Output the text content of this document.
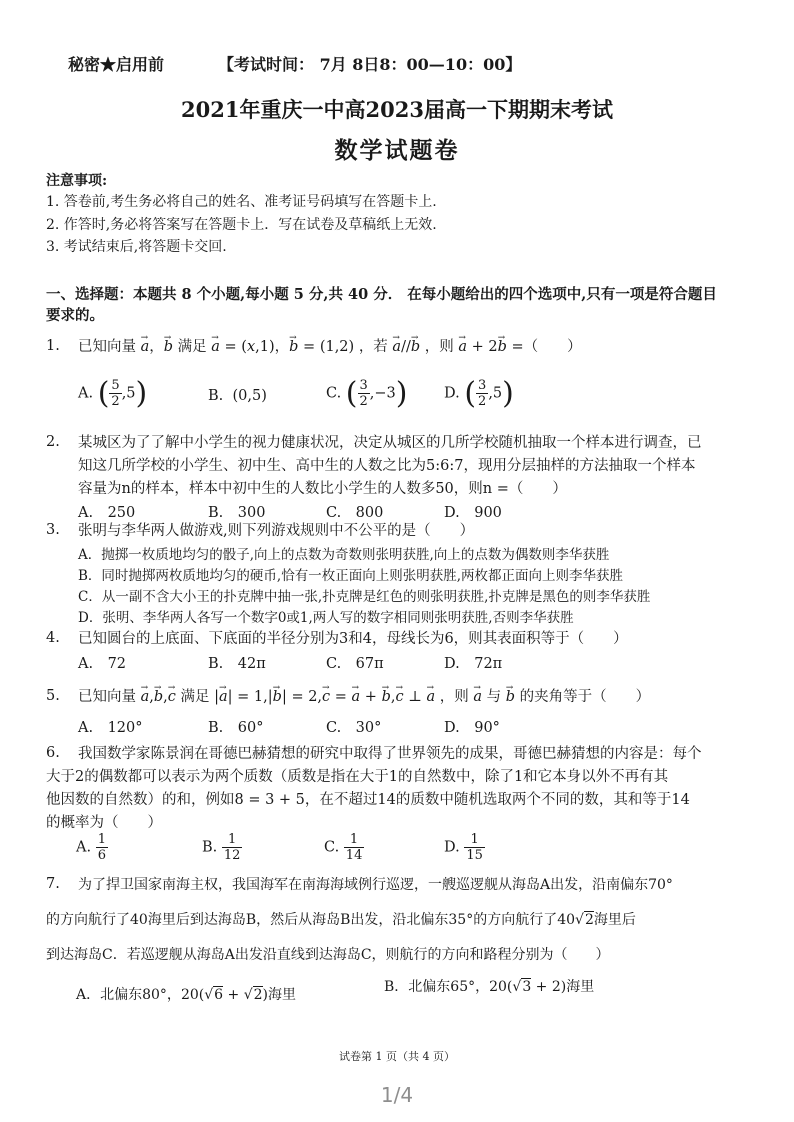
秘密★启用前	【考试时间： 7月 8日8：00—10：00】
2021年重庆一中高2023届高一下期期末考试
数学试题卷
注意事项:
1. 答卷前,考生务必将自己的姓名、准考证号码填写在答题卡上.
2. 作答时,务必将答案写在答题卡上．写在试卷及草稿纸上无效.
3. 考试结束后,将答题卡交回.
一、选择题：本题共 8 个小题,每小题 5 分,共 40 分． 在每小题给出的四个选项中,只有一项是符合题目要求的。
1. 已知向量 → a，→ b 满足 → a = (x,1)，→ b = (1,2) ，若 → a//→ b ，则 → a + 2→ b =（　　）
A. ( $\frac{5}{2} ,5$)	B. (0,5)	C. ( $\frac{3}{2} ,-3$)	D. ( $\frac{3}{2} ,5$)
2. 某城区为了了解中小学生的视力健康状况，决定从城区的几所学校随机抽取一个样本进行调查，已
知这几所学校的小学生、初中生、高中生的人数之比为5:6:7，现用分层抽样的方法抽取一个样本
容量为n的样本，样本中初中生的人数比小学生的人数多50，则n =（　　）
A.　250	B.　300	C.　800	D.　900
3. 张明与李华两人做游戏,则下列游戏规则中不公平的是（　　）
A．抛掷一枚质地均匀的骰子,向上的点数为奇数则张明获胜,向上的点数为偶数则李华获胜
B．同时抛掷两枚质地均匀的硬币,恰有一枚正面向上则张明获胜,两枚都正面向上则李华获胜
C．从一副不含大小王的扑克牌中抽一张,扑克牌是红色的则张明获胜,扑克牌是黑色的则李华获胜
D．张明、李华两人各写一个数字0或1,两人写的数字相同则张明获胜,否则李华获胜
4. 已知圆台的上底面、下底面的半径分别为3和4，母线长为6，则其表面积等于（　　）
A.　72	B.　42π	C.　67π	D.　72π
5. 已知向量 → a,→ b,→ c 满足 |→ a| = 1,|→ b| = 2,→ c = → a + → b,→ c ⊥ → a ，则 → a 与 → b 的夹角等于（　　）
A.　120°	B.　60°	C.　30°	D.　90°
6. 我国数学家陈景润在哥德巴赫猜想的研究中取得了世界领先的成果，哥德巴赫猜想的内容是：每个
大于2的偶数都可以表示为两个质数（质数是指在大于1的自然数中，除了1和它本身以外不再有其
他因数的自然数）的和，例如8 = 3 + 5，在不超过14的质数中随机选取两个不同的数，其和等于14
的概率为（　　）
A. $\frac{1}{6}$	B. $\frac{1}{12}$	C. $\frac{1}{14}$	D. $\frac{1}{15}$
7. 为了捍卫国家南海主权，我国海军在南海海域例行巡逻，一艘巡逻舰从海岛A出发，沿南偏东70°
的方向航行了40海里后到达海岛B，然后从海岛B出发，沿北偏东35°的方向航行了40√2海里后
到达海岛C．若巡逻舰从海岛A出发沿直线到达海岛C，则航行的方向和路程分别为（　　）
A．北偏东80°，20(√6 + √2)海里	B．北偏东65°，20(√3 + 2)海里
试卷第 1 页（共 4 页）
1/4
